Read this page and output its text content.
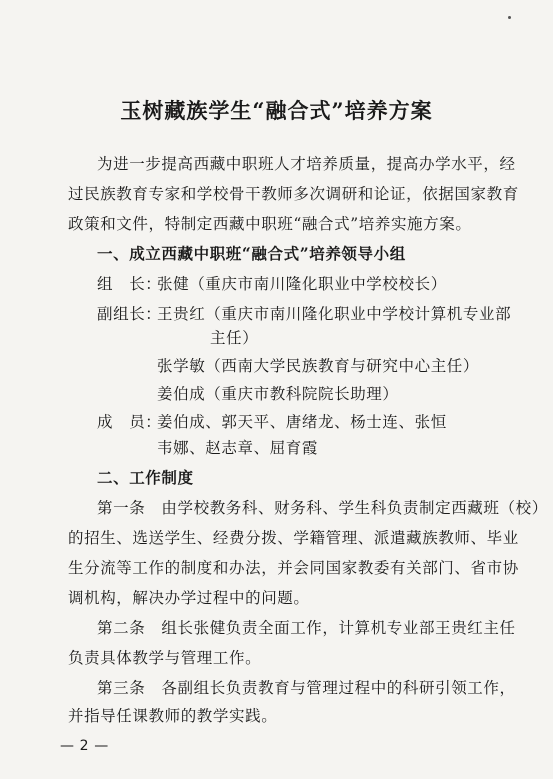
玉树藏族学生“融合式”培养方案
为进一步提高西藏中职班人才培养质量，提高办学水平，经
过民族教育专家和学校骨干教师多次调研和论证，依据国家教育
政策和文件，特制定西藏中职班“融合式”培养实施方案。
一、成立西藏中职班“融合式”培养领导小组
组　长：
张健（重庆市南川隆化职业中学校校长）
副组长：
王贵红（重庆市南川隆化职业中学校计算机专业部
主任）
张学敏（西南大学民族教育与研究中心主任）
姜伯成（重庆市教科院院长助理）
成　员：
姜伯成、郭天平、唐绪龙、杨士连、张恒
韦娜、赵志章、屈育霞
二、工作制度
第一条　由学校教务科、财务科、学生科负责制定西藏班（校）
的招生、选送学生、经费分拨、学籍管理、派遣藏族教师、毕业
生分流等工作的制度和办法，并会同国家教委有关部门、省市协
调机构，解决办学过程中的问题。
第二条　组长张健负责全面工作，计算机专业部王贵红主任
负责具体教学与管理工作。
第三条　各副组长负责教育与管理过程中的科研引领工作，
并指导任课教师的教学实践。
— 2 —
